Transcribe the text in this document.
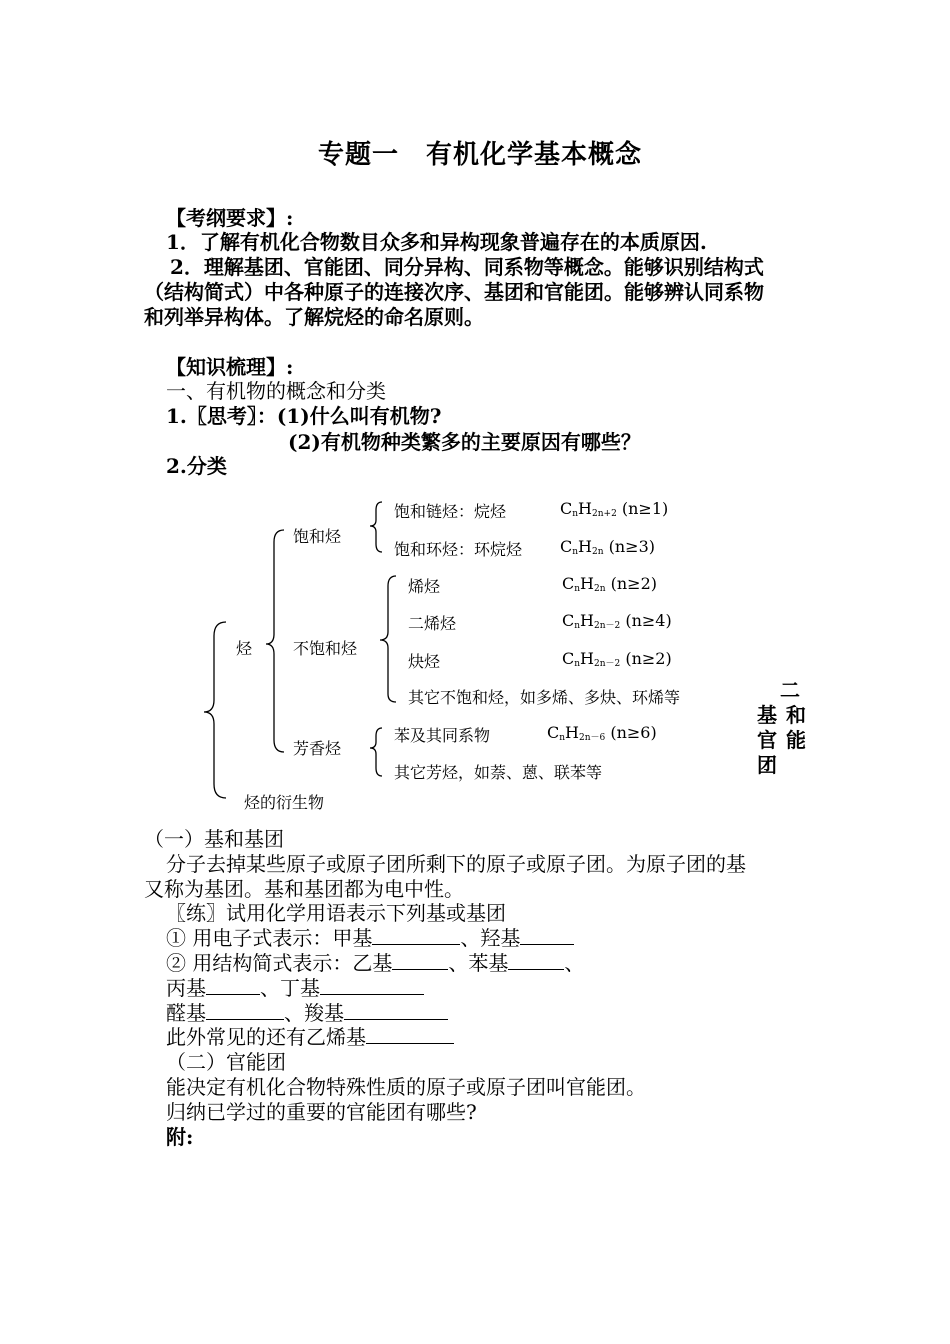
专题一　有机化学基本概念
【考纲要求】:
1．了解有机化合物数目众多和异构现象普遍存在的本质原因.
2．理解基团、官能团、同分异构、同系物等概念。能够识别结构式
（结构简式）中各种原子的连接次序、基团和官能团。能够辨认同系物
和列举异构体。了解烷烃的命名原则。
【知识梳理】:
一、有机物的概念和分类
1.〖思考〗：(1)什么叫有机物?
(2)有机物种类繁多的主要原因有哪些？
2.分类
烃
烃的衍生物
饱和烃
不饱和烃
芳香烃
饱和链烃：烷烃	$C_nH_{2n+2}$ (n≥1)
饱和环烃：环烷烃 $C_nH_{2n}$ (n≥3)
烯烃	$C_nH_{2n}$ (n≥2)
二烯烃	$C_nH_{2n-2}$ (n≥4)
炔烃	$C_nH_{2n-2}$ (n≥2)
其它不饱和烃，如多烯、多炔、环烯等
苯及其同系物	$C_nH_{2n-6}$ (n≥6)
其它芳烃，如萘、蒽、联苯等
二
基 和
官 能
团
（一）基和基团
分子去掉某些原子或原子团所剩下的原子或原子团。为原子团的基
又称为基团。基和基团都为电中性。
〖练〗试用化学用语表示下列基或基团
① 用电子式表示：甲基	、羟基
② 用结构简式表示：乙基	、苯基	、
丙基	、丁基
醛基	、羧基
此外常见的还有乙烯基
（二）官能团
能决定有机化合物特殊性质的原子或原子团叫官能团。
归纳已学过的重要的官能团有哪些?
附:
